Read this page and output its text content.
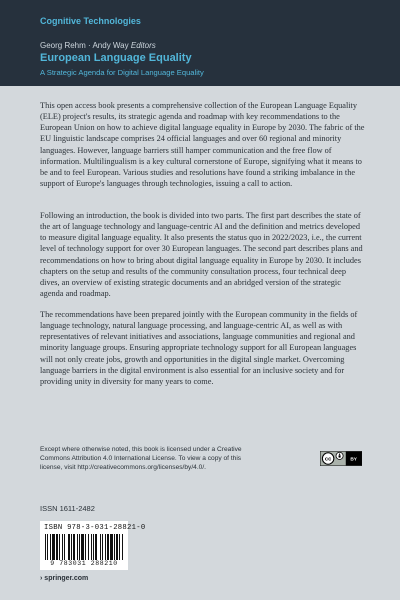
Cognitive Technologies
Georg Rehm · Andy Way Editors
European Language Equality
A Strategic Agenda for Digital Language Equality

This open access book presents a comprehensive collection of the European Language Equality (ELE) project's results, its strategic agenda and roadmap with key recommendations to the European Union on how to achieve digital language equality in Europe by 2030. The fabric of the EU linguistic landscape comprises 24 official languages and over 60 regional and minority languages. However, language barriers still hamper communication and the free flow of information. Multilingualism is a key cultural cornerstone of Europe, signifying what it means to be and to feel European. Various studies and resolutions have found a striking imbalance in the support of Europe's languages through technologies, issuing a call to action.

Following an introduction, the book is divided into two parts. The first part describes the state of the art of language technology and language-centric AI and the definition and metrics developed to measure digital language equality. It also presents the status quo in 2022/2023, i.e., the current level of technology support for over 30 European languages. The second part describes plans and recommendations on how to bring about digital language equality in Europe by 2030. It includes chapters on the setup and results of the community consultation process, four technical deep dives, an overview of existing strategic documents and an abridged version of the strategic agenda and roadmap.

The recommendations have been prepared jointly with the European community in the fields of language technology, natural language processing, and language-centric AI, as well as with representatives of relevant initiatives and associations, language communities and regional and minority language groups. Ensuring appropriate technology support for all European languages will not only create jobs, growth and opportunities in the digital single market. Overcoming language barriers in the digital environment is also essential for an inclusive society and for providing unity in diversity for many years to come.

Except where otherwise noted, this book is licensed under a Creative Commons Attribution 4.0 International License. To view a copy of this license, visit http://creativecommons.org/licenses/by/4.0/.
cc BY
ISSN 1611-2482
ISBN 978-3-031-28821-0
9 783031 288210
› springer.com
